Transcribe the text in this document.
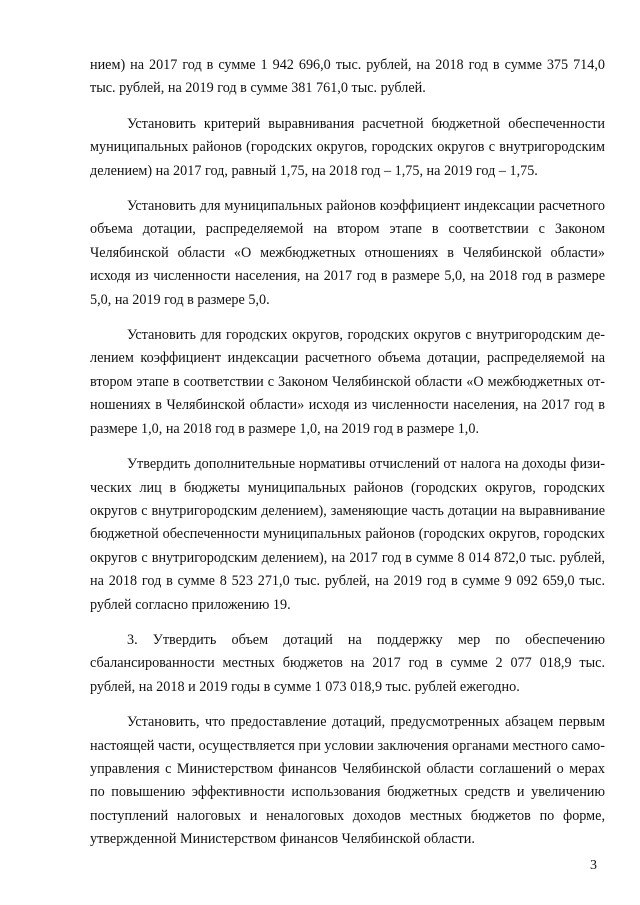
нием) на 2017 год в сумме 1 942 696,0 тыс. рублей, на 2018 год в сумме 375 714,0 тыс. рублей, на 2019 год в сумме 381 761,0 тыс. рублей.

Установить критерий выравнивания расчетной бюджетной обеспеченности муниципальных районов (городских округов, городских округов с внутригородским делением) на 2017 год, равный 1,75, на 2018 год – 1,75, на 2019 год – 1,75.

Установить для муниципальных районов коэффициент индексации расчетного объема дотации, распределяемой на втором этапе в соответствии с Законом Челябинской области «О межбюджетных отношениях в Челябинской области» исходя из численности населения, на 2017 год в размере 5,0, на 2018 год в размере 5,0, на 2019 год в размере 5,0.

Установить для городских округов, городских округов с внутригородским делением коэффициент индексации расчетного объема дотации, распределяемой на втором этапе в соответствии с Законом Челябинской области «О межбюджетных отношениях в Челябинской области» исходя из численности населения, на 2017 год в размере 1,0, на 2018 год в размере 1,0, на 2019 год в размере 1,0.

Утвердить дополнительные нормативы отчислений от налога на доходы физических лиц в бюджеты муниципальных районов (городских округов, городских округов с внутригородским делением), заменяющие часть дотации на выравнивание бюджетной обеспеченности муниципальных районов (городских округов, городских округов с внутригородским делением), на 2017 год в сумме 8 014 872,0 тыс. рублей, на 2018 год в сумме 8 523 271,0 тыс. рублей, на 2019 год в сумме 9 092 659,0 тыс. рублей согласно приложению 19.

3. Утвердить объем дотаций на поддержку мер по обеспечению сбалансированности местных бюджетов на 2017 год в сумме 2 077 018,9 тыс. рублей, на 2018 и 2019 годы в сумме 1 073 018,9 тыс. рублей ежегодно.

Установить, что предоставление дотаций, предусмотренных абзацем первым настоящей части, осуществляется при условии заключения органами местного самоуправления с Министерством финансов Челябинской области соглашений о мерах по повышению эффективности использования бюджетных средств и увеличению поступлений налоговых и неналоговых доходов местных бюджетов по форме, утвержденной Министерством финансов Челябинской области.

3
